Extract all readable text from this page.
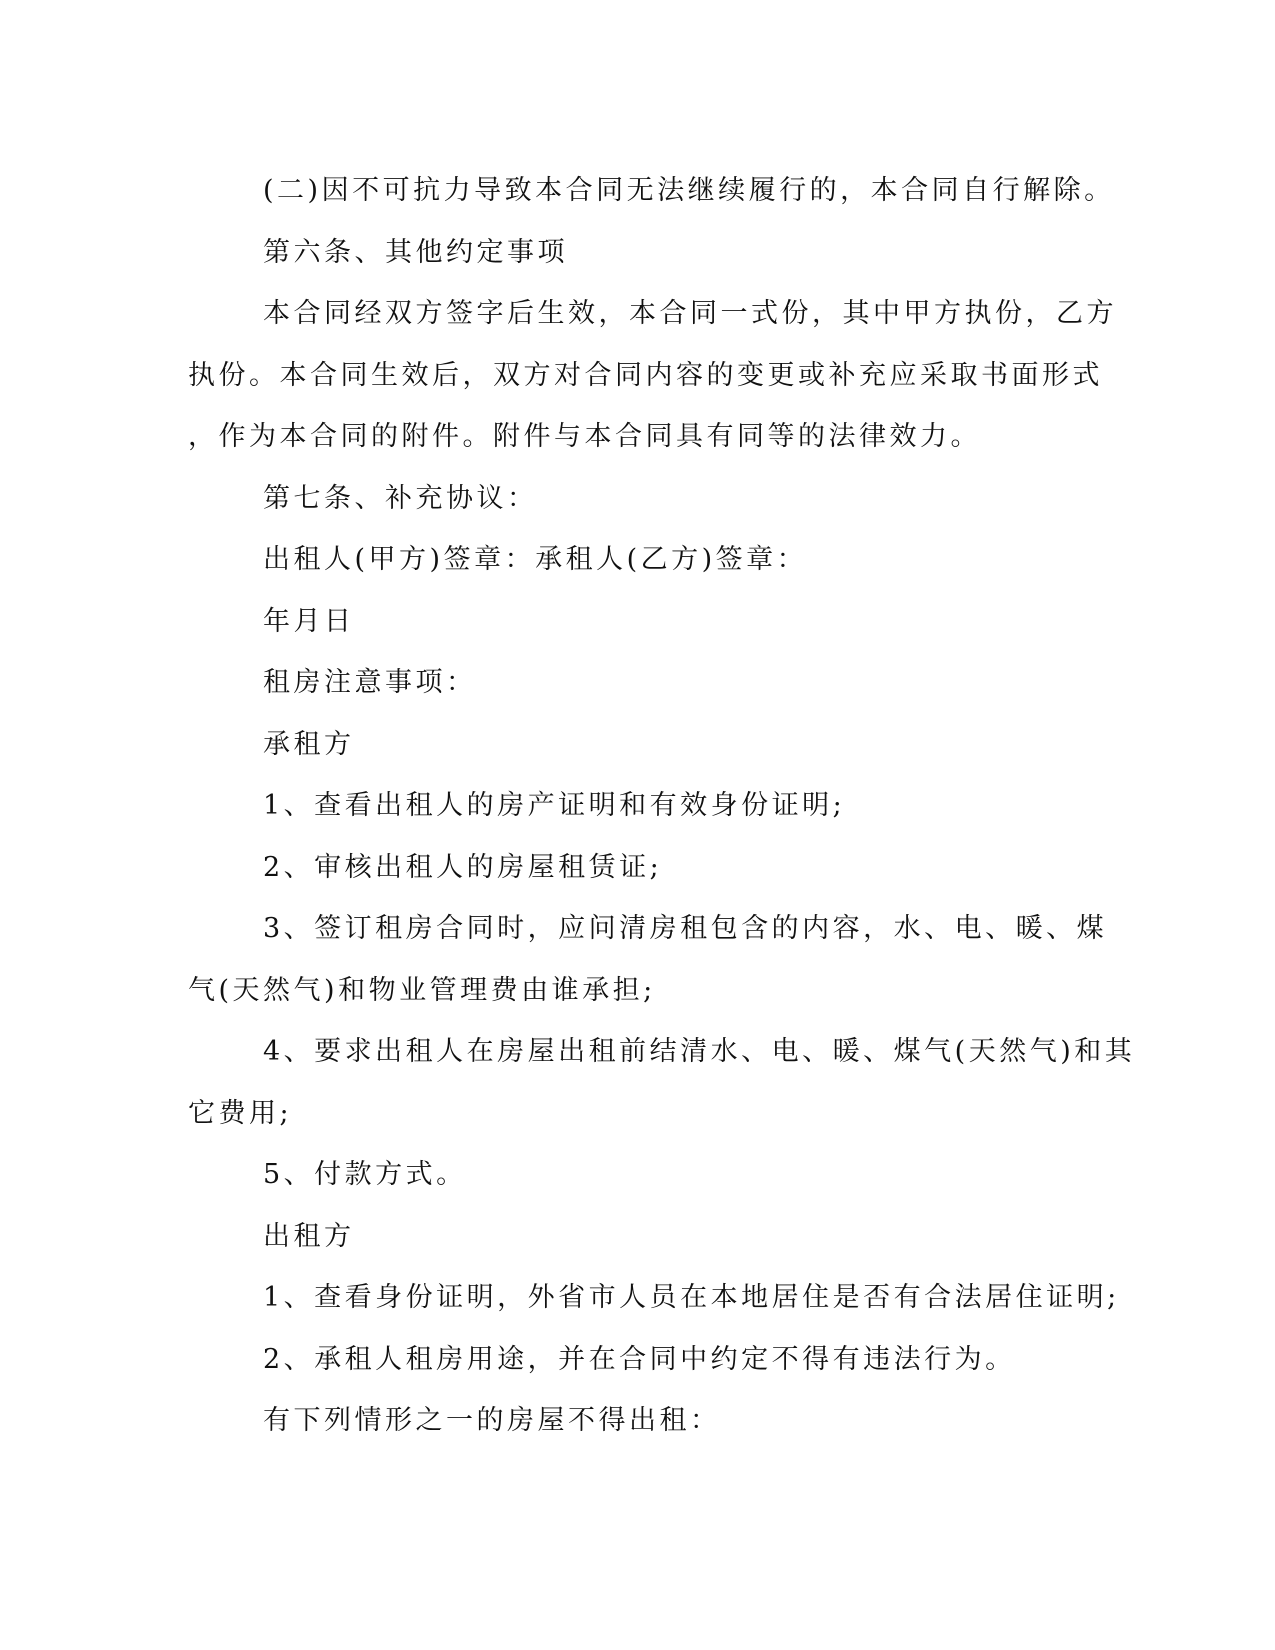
(二)因不可抗力导致本合同无法继续履行的，本合同自行解除。
第六条、其他约定事项
本合同经双方签字后生效，本合同一式份，其中甲方执份，乙方
执份。本合同生效后，双方对合同内容的变更或补充应采取书面形式
，作为本合同的附件。附件与本合同具有同等的法律效力。
第七条、补充协议：
出租人(甲方)签章：承租人(乙方)签章：
年月日
租房注意事项：
承租方
1、查看出租人的房产证明和有效身份证明;
2、审核出租人的房屋租赁证;
3、签订租房合同时，应问清房租包含的内容，水、电、暖、煤
气(天然气)和物业管理费由谁承担;
4、要求出租人在房屋出租前结清水、电、暖、煤气(天然气)和其
它费用;
5、付款方式。
出租方
1、查看身份证明，外省市人员在本地居住是否有合法居住证明;
2、承租人租房用途，并在合同中约定不得有违法行为。
有下列情形之一的房屋不得出租：
